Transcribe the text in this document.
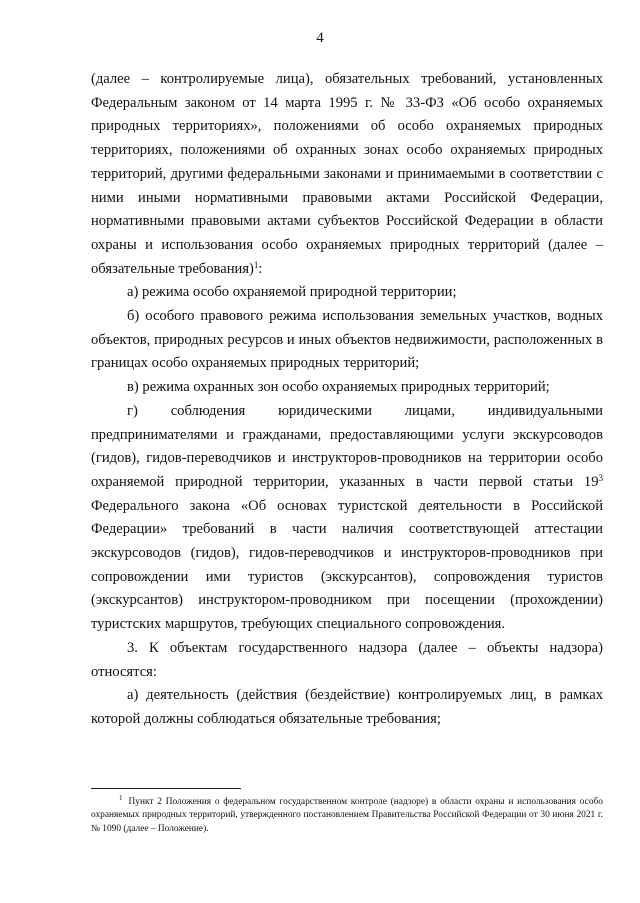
4

(далее – контролируемые лица), обязательных требований, установленных Федеральным законом от 14 марта 1995 г. № 33-ФЗ «Об особо охраняемых природных территориях», положениями об особо охраняемых природных территориях, положениями об охранных зонах особо охраняемых природных территорий, другими федеральными законами и принимаемыми в соответствии с ними иными нормативными правовыми актами Российской Федерации, нормативными правовыми актами субъектов Российской Федерации в области охраны и использования особо охраняемых природных территорий (далее – обязательные требования)$^1$:

а) режима особо охраняемой природной территории;

б) особого правового режима использования земельных участков, водных объектов, природных ресурсов и иных объектов недвижимости, расположенных в границах особо охраняемых природных территорий;

в) режима охранных зон особо охраняемых природных территорий;

г) соблюдения юридическими лицами, индивидуальными предпринимателями и гражданами, предоставляющими услуги экскурсоводов (гидов), гидов-переводчиков и инструкторов-проводников на территории особо охраняемой природной территории, указанных в части первой статьи $19^3$ Федерального закона «Об основах туристской деятельности в Российской Федерации» требований в части наличия соответствующей аттестации экскурсоводов (гидов), гидов-переводчиков и инструкторов-проводников при сопровождении ими туристов (экскурсантов), сопровождения туристов (экскурсантов) инструктором-проводником при посещении (прохождении) туристских маршрутов, требующих специального сопровождения.

3. К объектам государственного надзора (далее – объекты надзора) относятся:

а) деятельность (действия (бездействие) контролируемых лиц, в рамках которой должны соблюдаться обязательные требования;

$^1$ Пункт 2 Положения о федеральном государственном контроле (надзоре) в области охраны и использования особо охраняемых природных территорий, утвержденного постановлением Правительства Российской Федерации от 30 июня 2021 г. № 1090 (далее – Положение).
